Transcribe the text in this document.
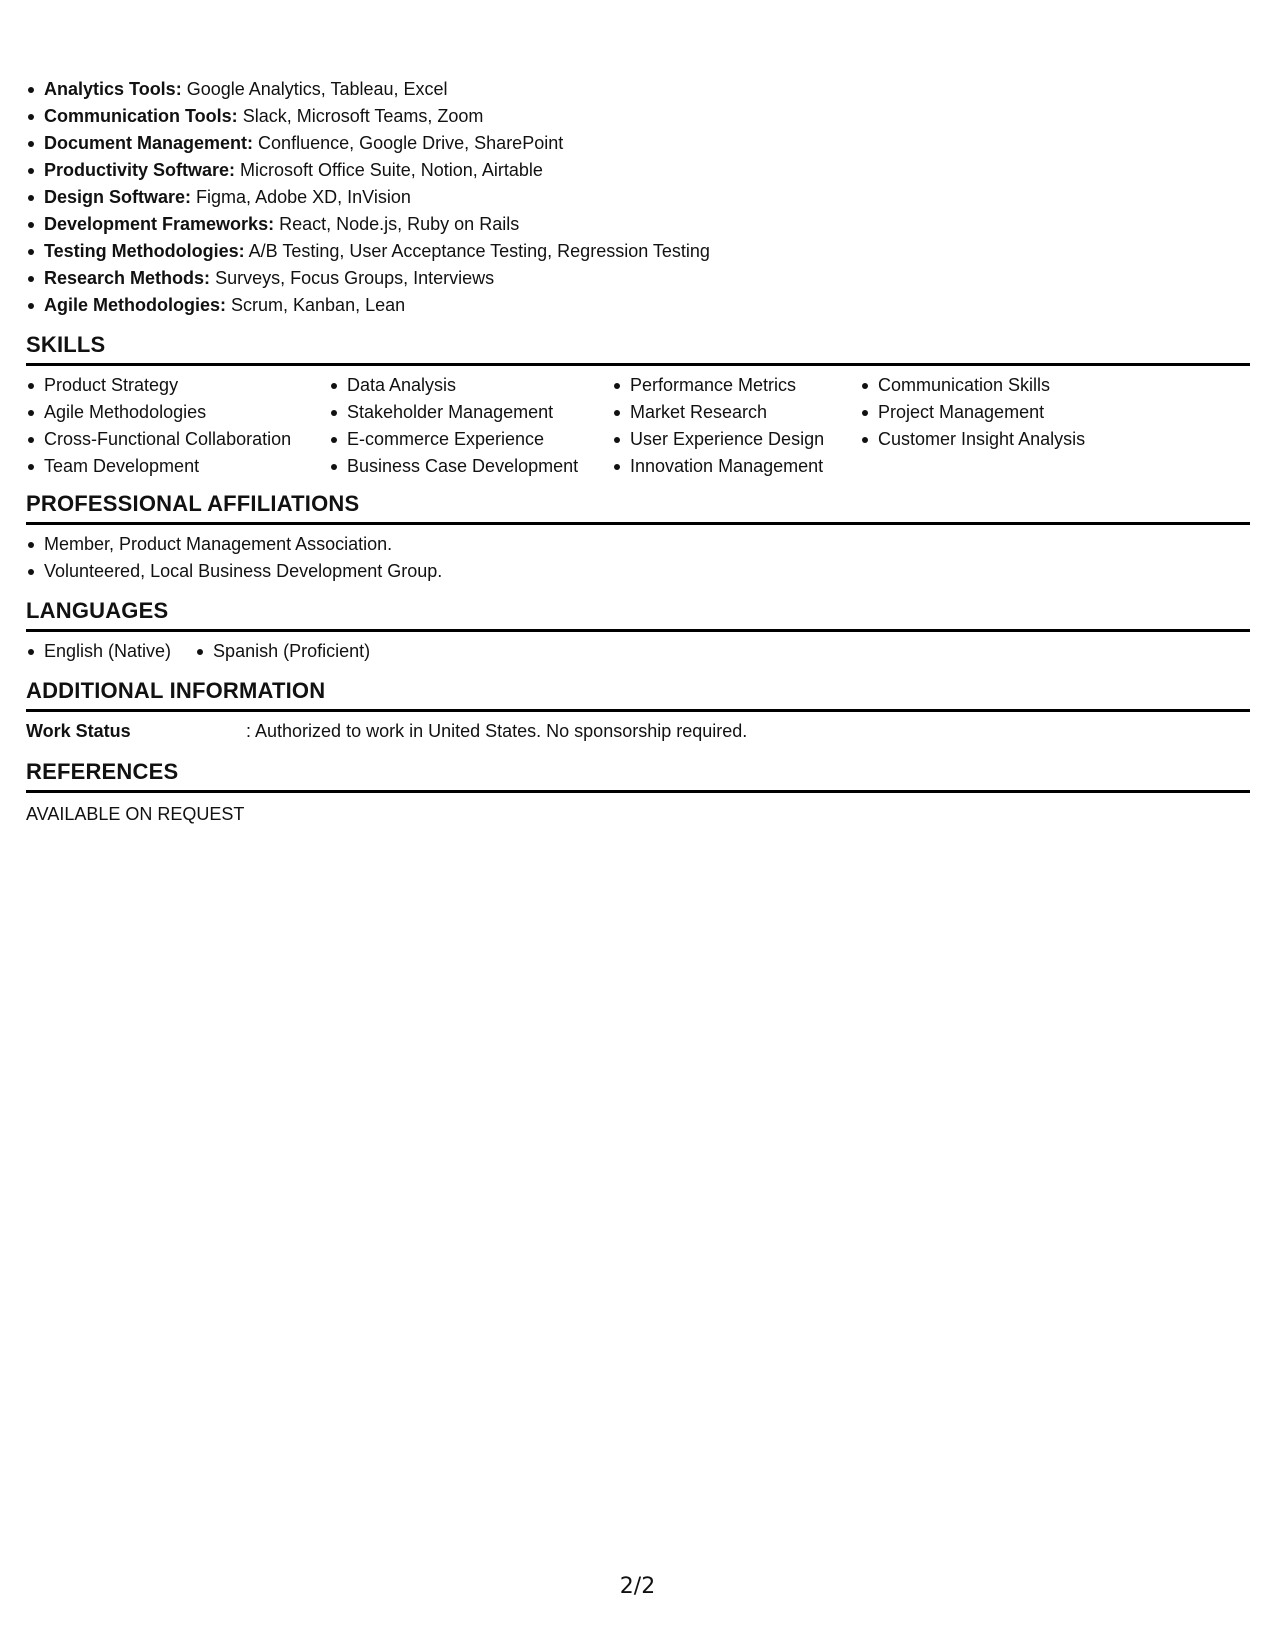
Analytics Tools: Google Analytics, Tableau, Excel
Communication Tools: Slack, Microsoft Teams, Zoom
Document Management: Confluence, Google Drive, SharePoint
Productivity Software: Microsoft Office Suite, Notion, Airtable
Design Software: Figma, Adobe XD, InVision
Development Frameworks: React, Node.js, Ruby on Rails
Testing Methodologies: A/B Testing, User Acceptance Testing, Regression Testing
Research Methods: Surveys, Focus Groups, Interviews
Agile Methodologies: Scrum, Kanban, Lean
SKILLS
Product Strategy
Agile Methodologies
Cross-Functional Collaboration
Team Development
Data Analysis
Stakeholder Management
E-commerce Experience
Business Case Development
Performance Metrics
Market Research
User Experience Design
Innovation Management
Communication Skills
Project Management
Customer Insight Analysis
PROFESSIONAL AFFILIATIONS
Member, Product Management Association.
Volunteered, Local Business Development Group.
LANGUAGES
English (Native)	Spanish (Proficient)
ADDITIONAL INFORMATION
Work Status	: Authorized to work in United States. No sponsorship required.
REFERENCES
AVAILABLE ON REQUEST
2/2
